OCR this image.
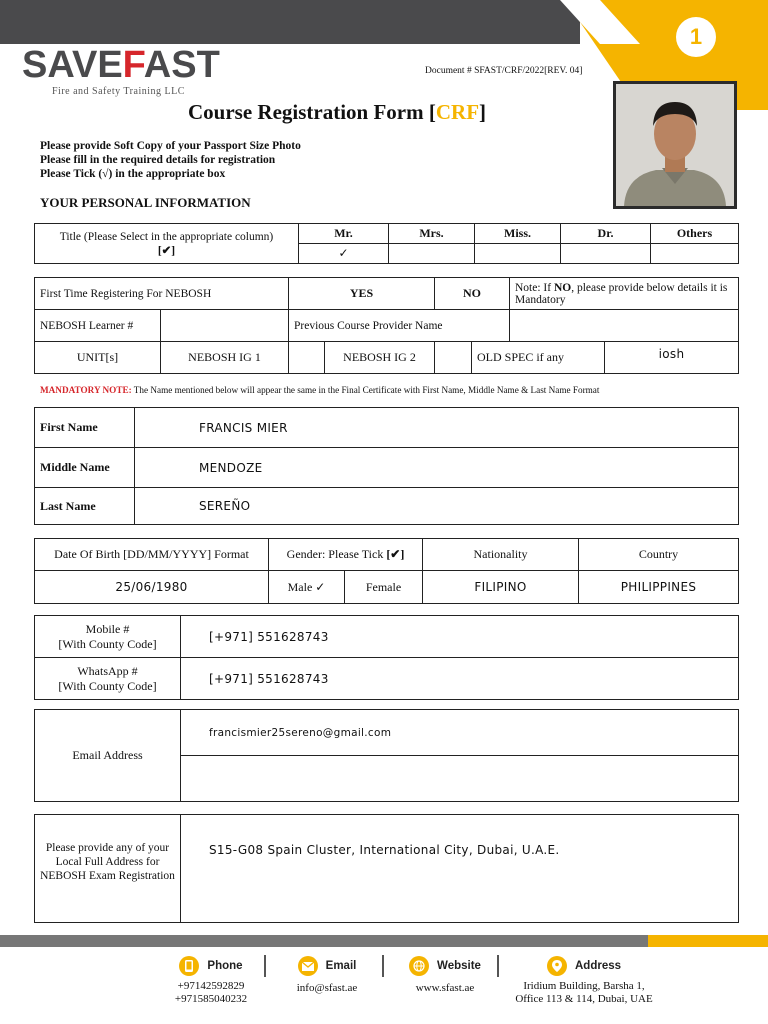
1
SAVEFAST
Fire and Safety Training LLC
Document # SFAST/CRF/2022[REV. 04]
Course Registration Form [CRF]
Please provide Soft Copy of your Passport Size Photo
Please fill in the required details for registration
Please Tick (√) in the appropriate box
YOUR PERSONAL INFORMATION
Title (Please Select in the appropriate column)
[✔]	Mr.	Mrs.	Miss.	Dr.	Others
	✓				
First Time Registering For NEBOSH		YES		NO		Note: If NO, please provide below details it is Mandatory	
NEBOSH Learner #		Previous Course Provider Name					
UNIT[s]	NEBOSH IG 1		NEBOSH IG 2		OLD SPEC if any		iosh
MANDATORY NOTE: The Name mentioned below will appear the same in the Final Certificate with First Name, Middle Name & Last Name Format
First Name	FRANCIS MIER
Middle Name	MENDOZE
Last Name	SEREÑO
Date Of Birth [DD/MM/YYYY] Format	Gender: Please Tick [✔]		Nationality	Country
25/06/1980	Male ✓	Female	FILIPINO	PHILIPPINES
Mobile #
[With County Code]	[+971] 551628743

WhatsApp #
[With County Code]	[+971] 551628743
Email Address	francismier25sereno@gmail.com

Please provide any of your Local Full Address for NEBOSH Exam Registration	S15-G08 Spain Cluster, International City, Dubai, U.A.E.
Phone
+97142592829
+971585040232
Email
info@sfast.ae
Website
www.sfast.ae
Address
Iridium Building, Barsha 1,
Office 113 & 114, Dubai, UAE
